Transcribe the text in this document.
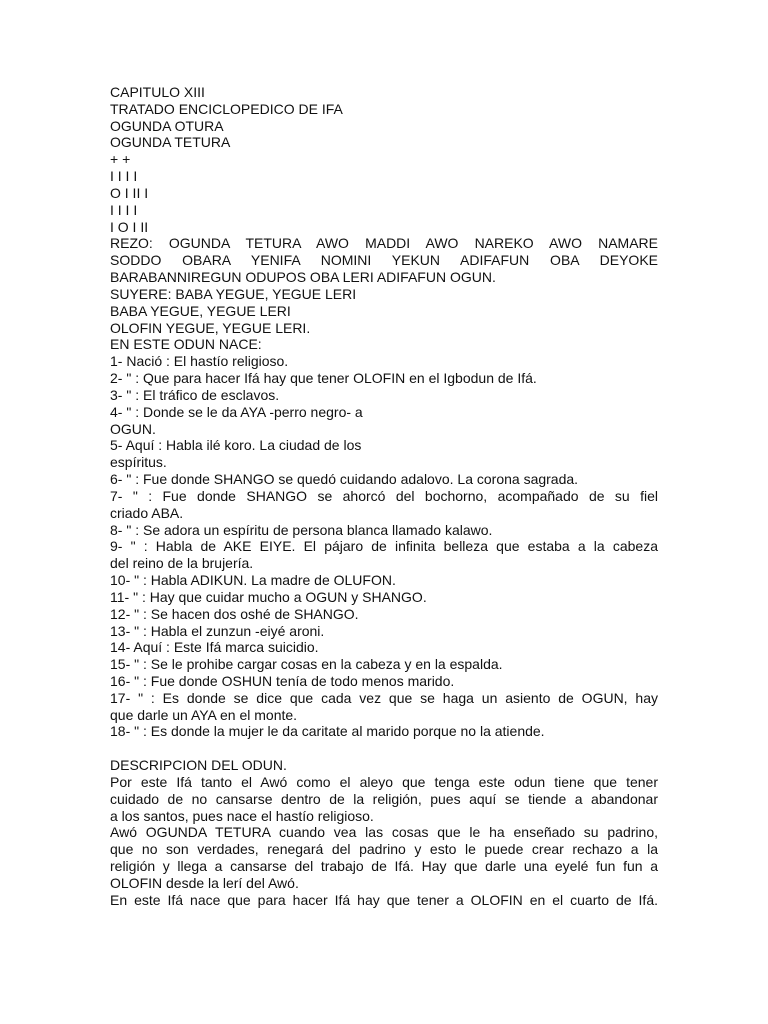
CAPITULO XIII
TRATADO ENCICLOPEDICO DE IFA
OGUNDA OTURA
OGUNDA TETURA
+ +
I I I I
O I II I
I I I I
I O I II
REZO: OGUNDA TETURA AWO MADDI AWO NAREKO AWO NAMARE
SODDO OBARA YENIFA NOMINI YEKUN ADIFAFUN OBA DEYOKE
BARABANNIREGUN ODUPOS OBA LERI ADIFAFUN OGUN.
SUYERE: BABA YEGUE, YEGUE LERI
BABA YEGUE, YEGUE LERI
OLOFIN YEGUE, YEGUE LERI.
EN ESTE ODUN NACE:
1- Nació : El hastío religioso.
2- " : Que para hacer Ifá hay que tener OLOFIN en el Igbodun de Ifá.
3- " : El tráfico de esclavos.
4- " : Donde se le da AYA -perro negro- a
OGUN.
5- Aquí : Habla ilé koro. La ciudad de los
espíritus.
6- " : Fue donde SHANGO se quedó cuidando adalovo. La corona sagrada.
7- " : Fue donde SHANGO se ahorcó del bochorno, acompañado de su fiel
criado ABA.
8- " : Se adora un espíritu de persona blanca llamado kalawo.
9- " : Habla de AKE EIYE. El pájaro de infinita belleza que estaba a la cabeza
del reino de la brujería.
10- " : Habla ADIKUN. La madre de OLUFON.
11- " : Hay que cuidar mucho a OGUN y SHANGO.
12- " : Se hacen dos oshé de SHANGO.
13- " : Habla el zunzun -eiyé aroni.
14- Aquí : Este Ifá marca suicidio.
15- " : Se le prohibe cargar cosas en la cabeza y en la espalda.
16- " : Fue donde OSHUN tenía de todo menos marido.
17- " : Es donde se dice que cada vez que se haga un asiento de OGUN, hay
que darle un AYA en el monte.
18- " : Es donde la mujer le da caritate al marido porque no la atiende.
DESCRIPCION DEL ODUN.
Por este Ifá tanto el Awó como el aleyo que tenga este odun tiene que tener
cuidado de no cansarse dentro de la religión, pues aquí se tiende a abandonar
a los santos, pues nace el hastío religioso.
Awó OGUNDA TETURA cuando vea las cosas que le ha enseñado su padrino,
que no son verdades, renegará del padrino y esto le puede crear rechazo a la
religión y llega a cansarse del trabajo de Ifá. Hay que darle una eyelé fun fun a
OLOFIN desde la lerí del Awó.
En este Ifá nace que para hacer Ifá hay que tener a OLOFIN en el cuarto de Ifá.
